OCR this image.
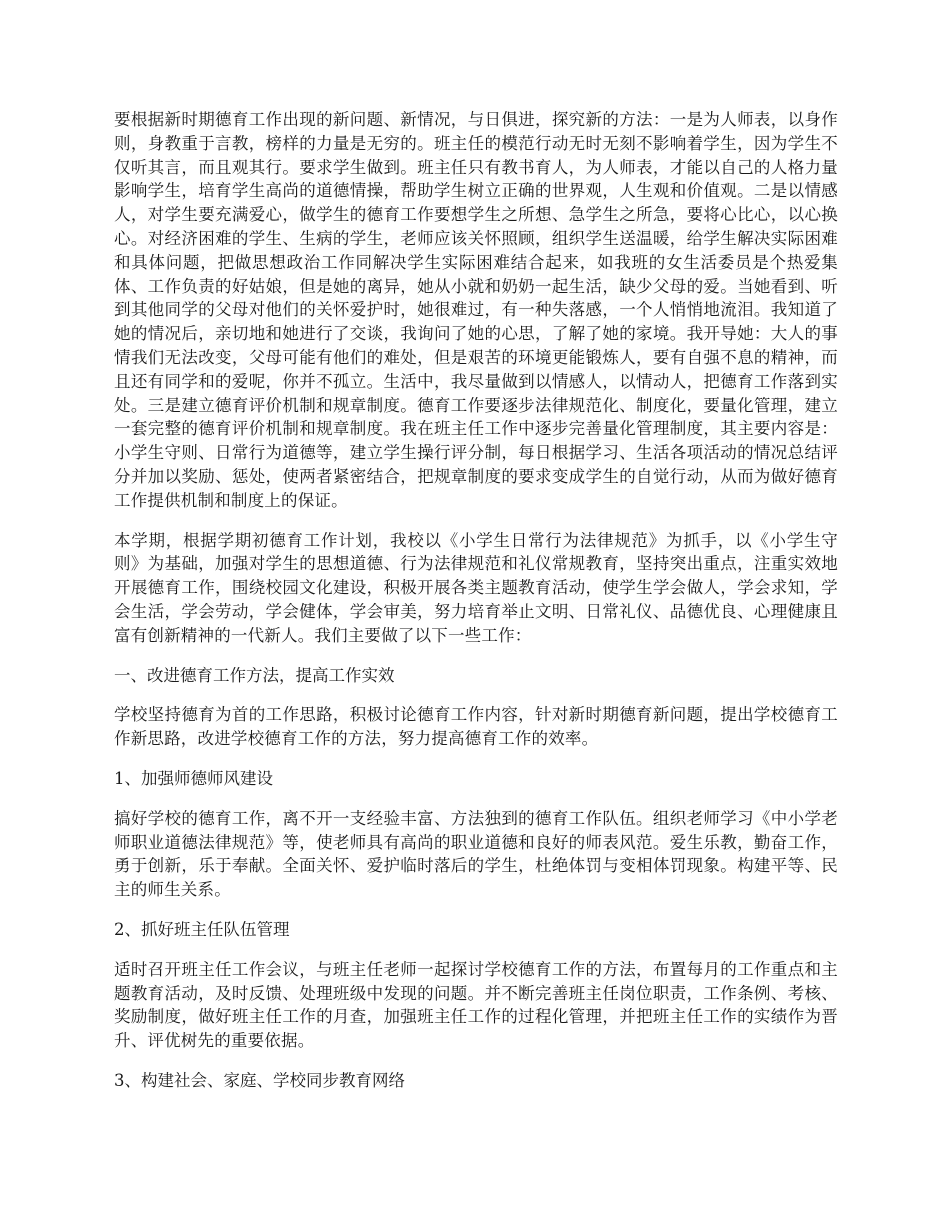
要根据新时期德育工作出现的新问题、新情况，与日俱进，探究新的方法：一是为人师表，以身作则，身教重于言教，榜样的力量是无穷的。班主任的模范行动无时无刻不影响着学生，因为学生不仅听其言，而且观其行。要求学生做到。班主任只有教书育人，为人师表，才能以自己的人格力量影响学生，培育学生高尚的道德情操，帮助学生树立正确的世界观，人生观和价值观。二是以情感人，对学生要充满爱心，做学生的德育工作要想学生之所想、急学生之所急，要将心比心，以心换心。对经济困难的学生、生病的学生，老师应该关怀照顾，组织学生送温暖，给学生解决实际困难和具体问题，把做思想政治工作同解决学生实际困难结合起来，如我班的女生活委员是个热爱集体、工作负责的好姑娘，但是她的离异，她从小就和奶奶一起生活，缺少父母的爱。当她看到、听到其他同学的父母对他们的关怀爱护时，她很难过，有一种失落感，一个人悄悄地流泪。我知道了她的情况后，亲切地和她进行了交谈，我询问了她的心思，了解了她的家境。我开导她：大人的事情我们无法改变，父母可能有他们的难处，但是艰苦的环境更能锻炼人，要有自强不息的精神，而且还有同学和的爱呢，你并不孤立。生活中，我尽量做到以情感人，以情动人，把德育工作落到实处。三是建立德育评价机制和规章制度。德育工作要逐步法律规范化、制度化，要量化管理，建立一套完整的德育评价机制和规章制度。我在班主任工作中逐步完善量化管理制度，其主要内容是：小学生守则、日常行为道德等，建立学生操行评分制，每日根据学习、生活各项活动的情况总结评分并加以奖励、惩处，使两者紧密结合，把规章制度的要求变成学生的自觉行动，从而为做好德育工作提供机制和制度上的保证。

本学期，根据学期初德育工作计划，我校以《小学生日常行为法律规范》为抓手，以《小学生守则》为基础，加强对学生的思想道德、行为法律规范和礼仪常规教育，坚持突出重点，注重实效地开展德育工作，围绕校园文化建设，积极开展各类主题教育活动，使学生学会做人，学会求知，学会生活，学会劳动，学会健体，学会审美，努力培育举止文明、日常礼仪、品德优良、心理健康且富有创新精神的一代新人。我们主要做了以下一些工作：

一、改进德育工作方法，提高工作实效

学校坚持德育为首的工作思路，积极讨论德育工作内容，针对新时期德育新问题，提出学校德育工作新思路，改进学校德育工作的方法，努力提高德育工作的效率。

1、加强师德师风建设

搞好学校的德育工作，离不开一支经验丰富、方法独到的德育工作队伍。组织老师学习《中小学老师职业道德法律规范》等，使老师具有高尚的职业道德和良好的师表风范。爱生乐教，勤奋工作，勇于创新，乐于奉献。全面关怀、爱护临时落后的学生，杜绝体罚与变相体罚现象。构建平等、民主的师生关系。

2、抓好班主任队伍管理

适时召开班主任工作会议，与班主任老师一起探讨学校德育工作的方法，布置每月的工作重点和主题教育活动，及时反馈、处理班级中发现的问题。并不断完善班主任岗位职责，工作条例、考核、奖励制度，做好班主任工作的月查，加强班主任工作的过程化管理，并把班主任工作的实绩作为晋升、评优树先的重要依据。

3、构建社会、家庭、学校同步教育网络
